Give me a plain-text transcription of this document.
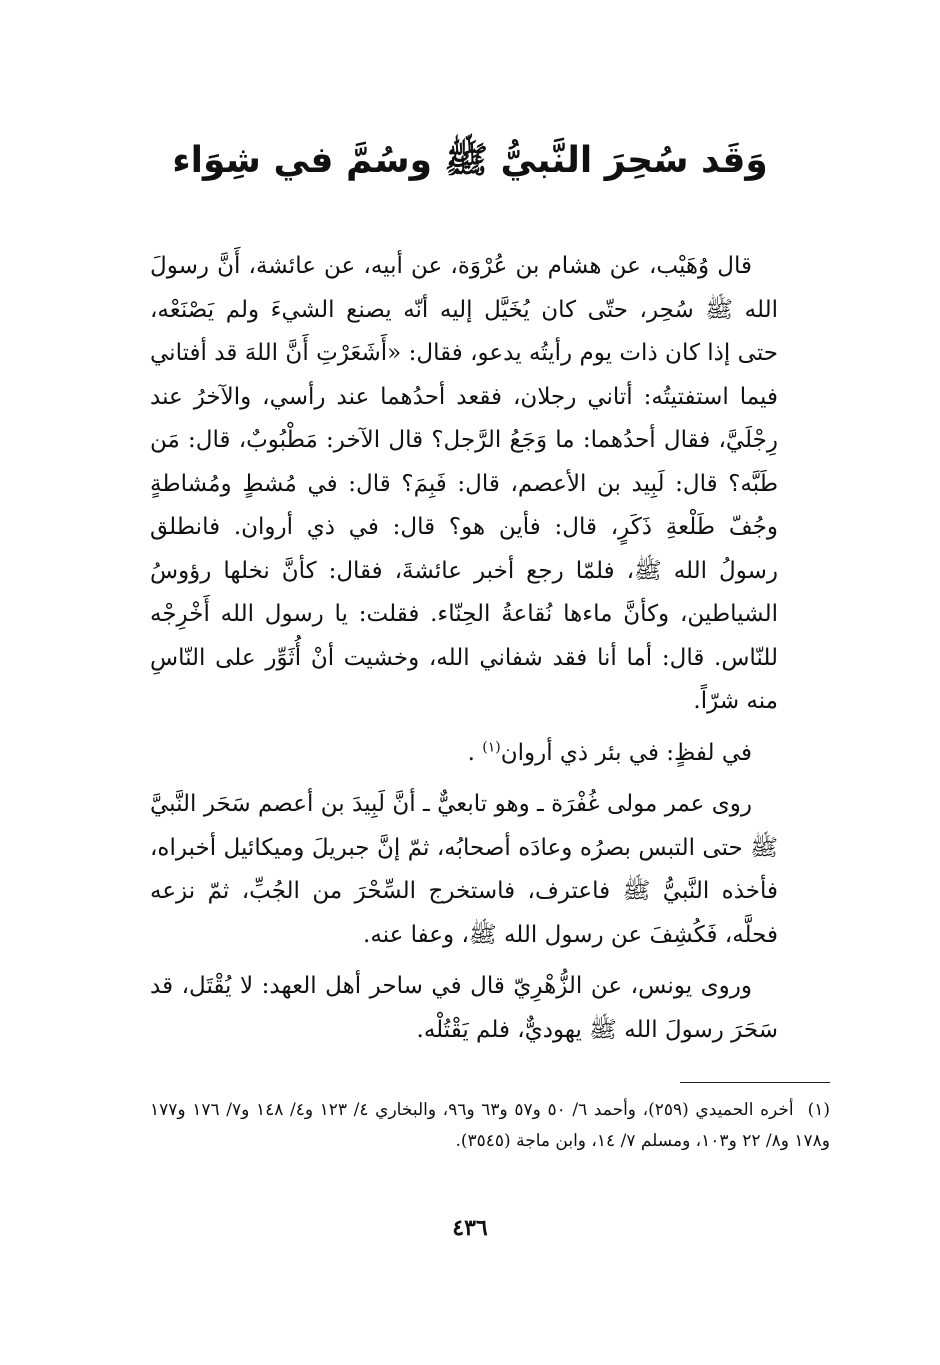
وَقَد سُحِرَ النَّبيُّ ﷺ وسُمَّ في شِوَاء

قال وُهَيْب، عن هشام بن عُرْوَة، عن أبيه، عن عائشة، أَنَّ رسولَ الله ﷺ سُحِر، حتّى كان يُخَيَّل إليه أنّه يصنع الشيءَ ولم يَصْنَعْه، حتى إذا كان ذات يوم رأيتُه يدعو، فقال: «أَشَعَرْتِ أَنَّ اللهَ قد أفتاني فيما استفتيتُه: أتاني رجلان، فقعد أحدُهما عند رأسي، والآخرُ عند رِجْلَيَّ، فقال أحدُهما: ما وَجَعُ الرَّجل؟ قال الآخر: مَطْبُوبٌ، قال: مَن طَبَّه؟ قال: لَبِيد بن الأعصم، قال: فَبِمَ؟ قال: في مُشطٍ ومُشاطةٍ وجُفّ طَلْعةِ ذَكَرٍ، قال: فأين هو؟ قال: في ذي أروان. فانطلق رسولُ الله ﷺ، فلمّا رجع أخبر عائشةَ، فقال: كأنَّ نخلها رؤوسُ الشياطين، وكأنَّ ماءها نُقاعةُ الحِنّاء. فقلت: يا رسول الله أَخْرِجْه للنّاس. قال: أما أنا فقد شفاني الله، وخشيت أنْ أُثَوِّر على النّاسِ منه شرّاً.

في لفظٍ: في بئر ذي أروان$^{(١)}$ .

روى عمر مولى غُفْرَة ـ وهو تابعيٌّ ـ أنَّ لَبِيدَ بن أعصم سَحَر النَّبيَّ ﷺ حتى التبس بصرُه وعادَه أصحابُه، ثمّ إنَّ جبريلَ وميكائيل أخبراه، فأخذه النَّبيُّ ﷺ فاعترف، فاستخرج السِّحْرَ من الجُبِّ، ثمّ نزعه فحلَّه، فَكُشِفَ عن رسول الله ﷺ، وعفا عنه.

وروى يونس، عن الزُّهْرِيّ قال في ساحر أهل العهد: لا يُقْتَل، قد سَحَرَ رسولَ الله ﷺ يهوديٌّ، فلم يَقْتُلْه.

(١)أخره الحميدي (٢٥٩)، وأحمد ٦/ ٥٠ و٥٧ و٦٣ و٩٦، والبخاري ٤/ ١٢٣ و٤/ ١٤٨ و٧/ ١٧٦ و١٧٧ و١٧٨ و٨/ ٢٢ و١٠٣، ومسلم ٧/ ١٤، وابن ماجة (٣٥٤٥).

٤٣٦
